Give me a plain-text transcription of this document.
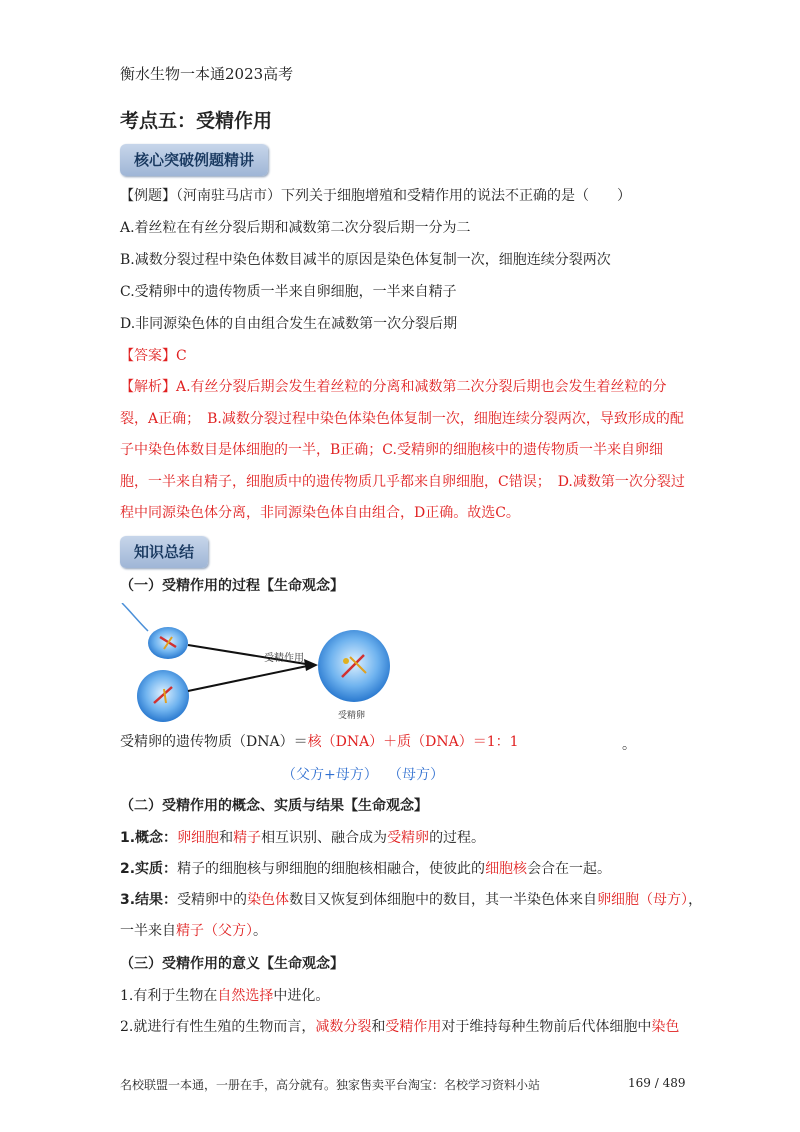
衡水生物一本通2023高考
考点五：受精作用
核心突破例题精讲
【例题】（河南驻马店市）下列关于细胞增殖和受精作用的说法不正确的是（　　）
A.着丝粒在有丝分裂后期和减数第二次分裂后期一分为二
B.减数分裂过程中染色体数目减半的原因是染色体复制一次，细胞连续分裂两次
C.受精卵中的遗传物质一半来自卵细胞，一半来自精子
D.非同源染色体的自由组合发生在减数第一次分裂后期
【答案】C
【解析】A.有丝分裂后期会发生着丝粒的分离和减数第二次分裂后期也会发生着丝粒的分裂，A正确；　B.减数分裂过程中染色体染色体复制一次，细胞连续分裂两次，导致形成的配子中染色体数目是体细胞的一半，B正确；C.受精卵的细胞核中的遗传物质一半来自卵细胞，一半来自精子，细胞质中的遗传物质几乎都来自卵细胞，C错误；　D.减数第一次分裂过程中同源染色体分离，非同源染色体自由组合，D正确。故选C。
知识总结
（一）受精作用的过程【生命观念】
受精作用
受精卵
受精卵的遗传物质（DNA）＝核（DNA）＋质（DNA）＝1：1	。
（父方+母方） （母方）
（二）受精作用的概念、实质与结果【生命观念】
1.概念：卵细胞和精子相互识别、融合成为受精卵的过程。
2.实质：精子的细胞核与卵细胞的细胞核相融合，使彼此的细胞核会合在一起。
3.结果：受精卵中的染色体数目又恢复到体细胞中的数目，其一半染色体来自卵细胞（母方），
一半来自精子（父方）。
（三）受精作用的意义【生命观念】
1.有利于生物在自然选择中进化。
2.就进行有性生殖的生物而言，减数分裂和受精作用对于维持每种生物前后代体细胞中染色
名校联盟一本通，一册在手，高分就有。独家售卖平台淘宝：名校学习资料小站	169 / 489
